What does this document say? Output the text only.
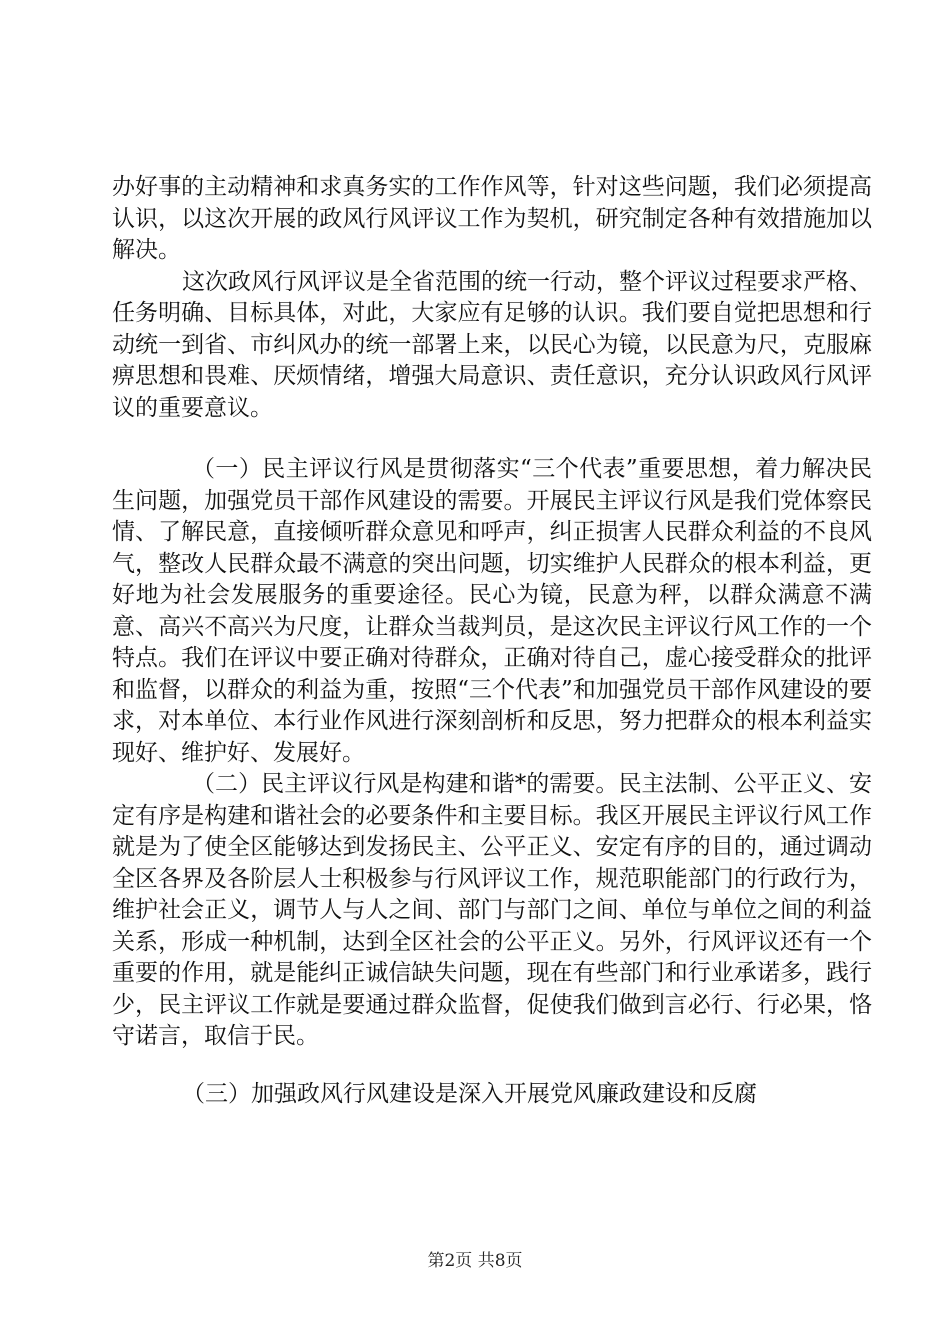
办好事的主动精神和求真务实的工作作风等，针对这些问题，我们必须提高认识，以这次开展的政风行风评议工作为契机，研究制定各种有效措施加以解决。

这次政风行风评议是全省范围的统一行动，整个评议过程要求严格、任务明确、目标具体，对此，大家应有足够的认识。我们要自觉把思想和行动统一到省、市纠风办的统一部署上来，以民心为镜，以民意为尺，克服麻痹思想和畏难、厌烦情绪，增强大局意识、责任意识，充分认识政风行风评议的重要意议。

（一）民主评议行风是贯彻落实“三个代表”重要思想，着力解决民生问题，加强党员干部作风建设的需要。开展民主评议行风是我们党体察民情、了解民意，直接倾听群众意见和呼声，纠正损害人民群众利益的不良风气，整改人民群众最不满意的突出问题，切实维护人民群众的根本利益，更好地为社会发展服务的重要途径。民心为镜，民意为秤，以群众满意不满意、高兴不高兴为尺度，让群众当裁判员，是这次民主评议行风工作的一个特点。我们在评议中要正确对待群众，正确对待自己，虚心接受群众的批评和监督，以群众的利益为重，按照“三个代表”和加强党员干部作风建设的要求，对本单位、本行业作风进行深刻剖析和反思，努力把群众的根本利益实现好、维护好、发展好。

（二）民主评议行风是构建和谐*的需要。民主法制、公平正义、安定有序是构建和谐社会的必要条件和主要目标。我区开展民主评议行风工作就是为了使全区能够达到发扬民主、公平正义、安定有序的目的，通过调动全区各界及各阶层人士积极参与行风评议工作，规范职能部门的行政行为，维护社会正义，调节人与人之间、部门与部门之间、单位与单位之间的利益关系，形成一种机制，达到全区社会的公平正义。另外，行风评议还有一个重要的作用，就是能纠正诚信缺失问题，现在有些部门和行业承诺多，践行少，民主评议工作就是要通过群众监督，促使我们做到言必行、行必果，恪守诺言，取信于民。

（三）加强政风行风建设是深入开展党风廉政建设和反腐

第2页 共8页
